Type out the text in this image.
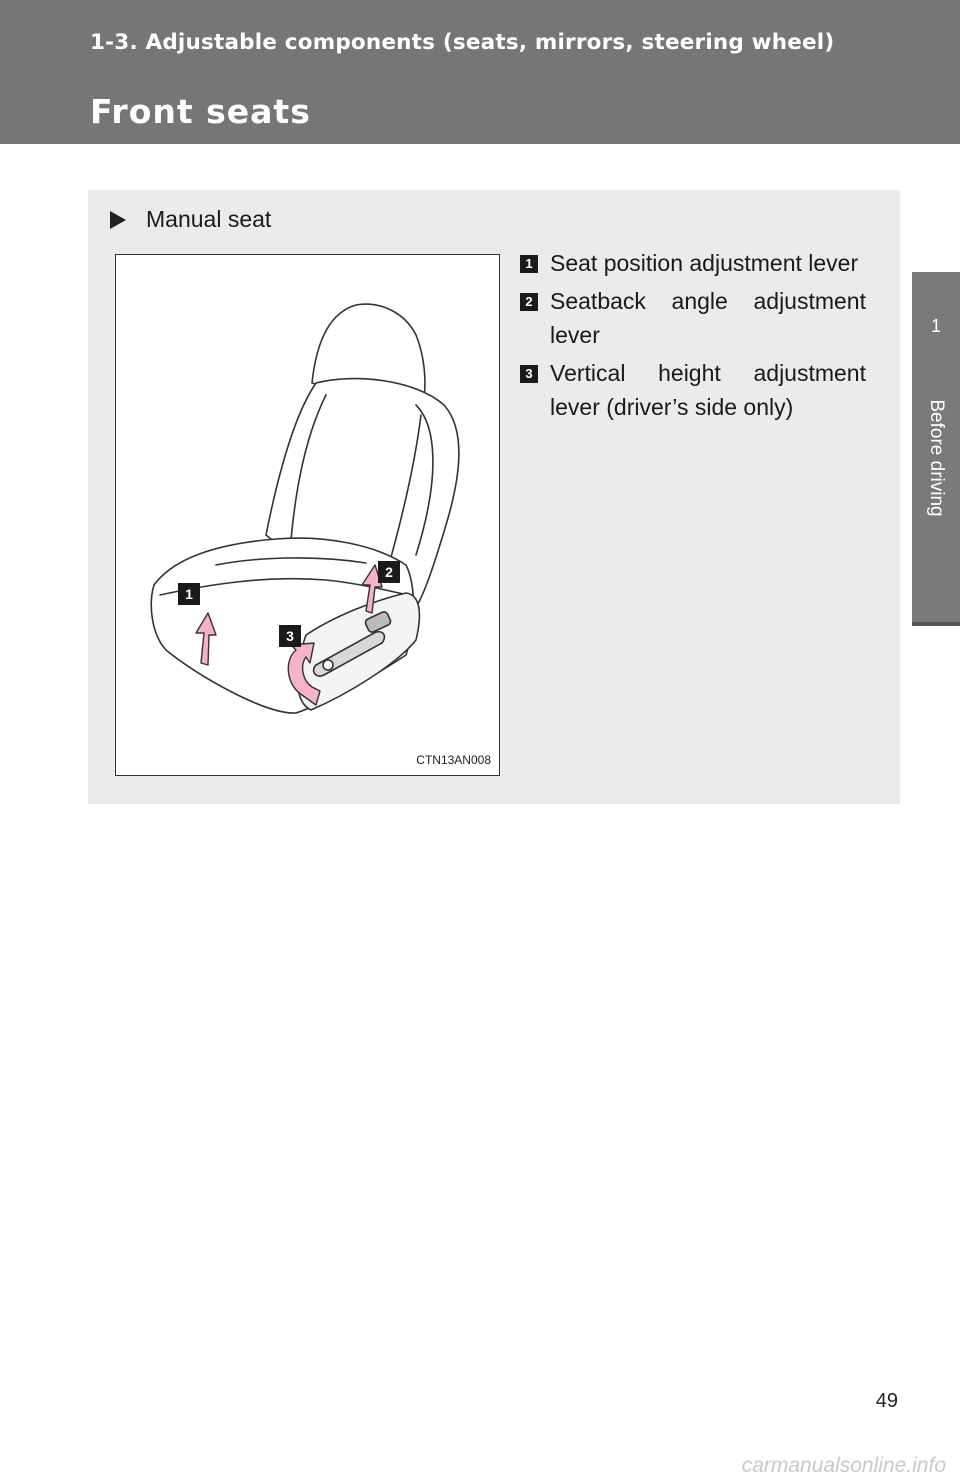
1-3. Adjustable components (seats, mirrors, steering wheel)
Front seats
1
Before driving
Manual seat
1
3
2
CTN13AN008
1 Seat position adjustment lever
2 Seatback angle adjustment lever
3 Vertical height adjustment lever (driver’s side only)
49
carmanualsonline.info
